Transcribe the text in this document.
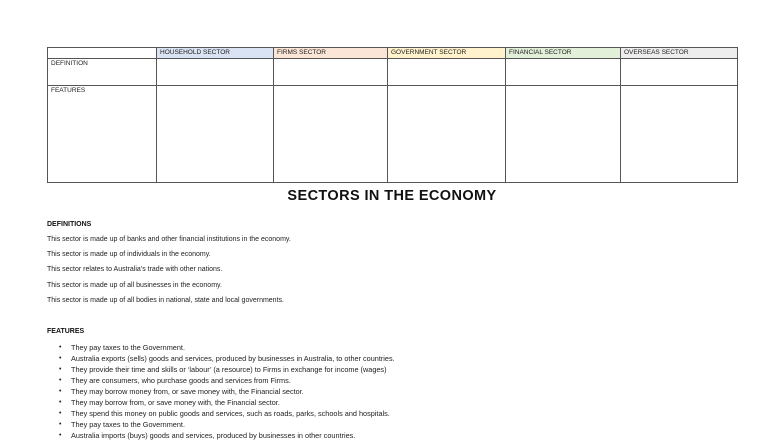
	HOUSEHOLD SECTOR	FIRMS SECTOR	GOVERNMENT SECTOR	FINANCIAL SECTOR	OVERSEAS SECTOR
DEFINITION					
FEATURES					
SECTORS IN THE ECONOMY
DEFINITIONS
This sector is made up of banks and other financial institutions in the economy.
This sector is made up of individuals in the economy.
This sector relates to Australia’s trade with other nations.
This sector is made up of all businesses in the economy.
This sector is made up of all bodies in national, state and local governments.
FEATURES
• They pay taxes to the Government.
• Australia exports (sells) goods and services, produced by businesses in Australia, to other countries.
• They provide their time and skills or ‘labour’ (a resource) to Firms in exchange for income (wages)
• They are consumers, who purchase goods and services from Firms.
• They may borrow money from, or save money with, the Financial sector.
• They may borrow from, or save money with, the Financial sector.
• They spend this money on public goods and services, such as roads, parks, schools and hospitals.
• They pay taxes to the Government.
• Australia imports (buys) goods and services, produced by businesses in other countries.
